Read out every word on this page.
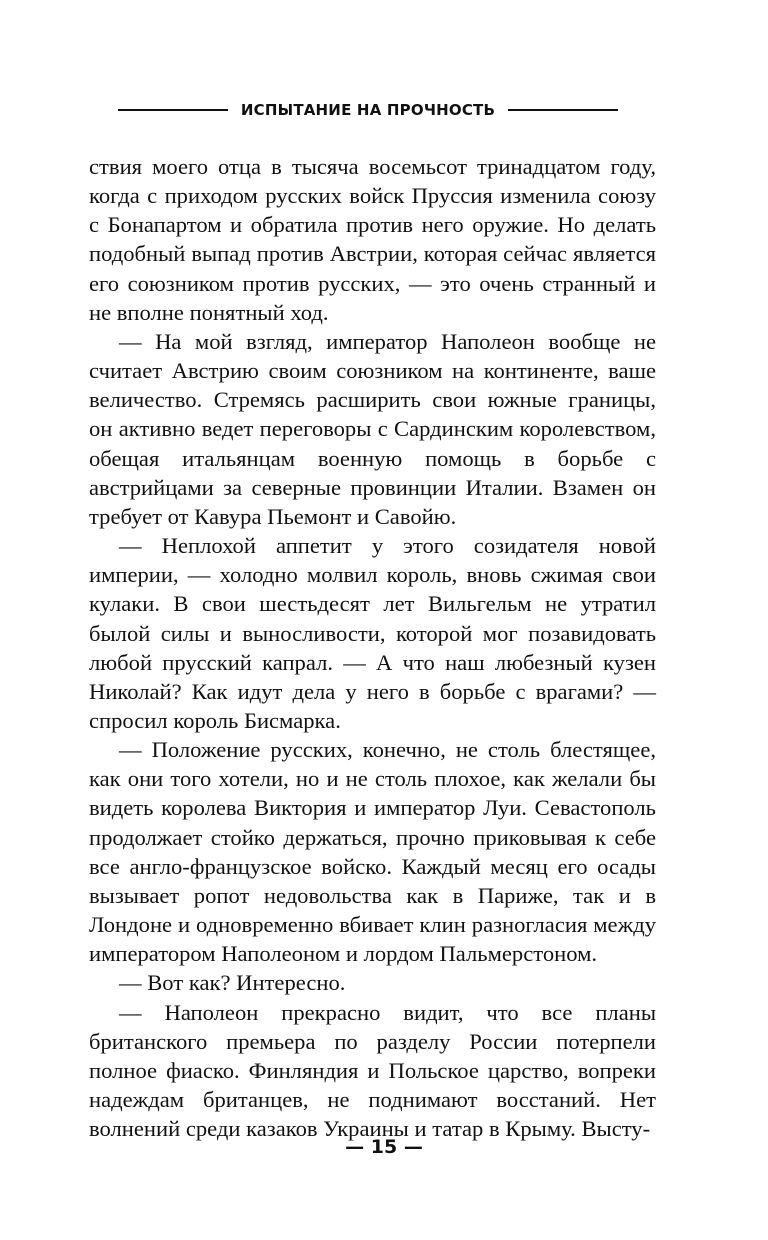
ИСПЫТАНИЕ НА ПРОЧНОСТЬ

ствия моего отца в тысяча восемьсот тринадцатом году, когда с приходом русских войск Пруссия изменила союзу с Бонапартом и обратила против него оружие. Но делать подобный выпад против Австрии, которая сейчас является его союзником против русских, — это очень странный и не вполне понятный ход.

— На мой взгляд, император Наполеон вообще не считает Австрию своим союзником на континенте, ваше величество. Стремясь расширить свои южные границы, он активно ведет переговоры с Сардинским королевством, обещая итальянцам военную помощь в борьбе с австрийцами за северные провинции Италии. Взамен он требует от Кавура Пьемонт и Савойю.

— Неплохой аппетит у этого созидателя новой империи, — холодно молвил король, вновь сжимая свои кулаки. В свои шестьдесят лет Вильгельм не утратил былой силы и выносливости, которой мог позавидовать любой прусский капрал. — А что наш любезный кузен Николай? Как идут дела у него в борьбе с врагами? — спросил король Бисмарка.

— Положение русских, конечно, не столь блестящее, как они того хотели, но и не столь плохое, как желали бы видеть королева Виктория и император Луи. Севастополь продолжает стойко держаться, прочно приковывая к себе все англо-французское войско. Каждый месяц его осады вызывает ропот недовольства как в Париже, так и в Лондоне и одновременно вбивает клин разногласия между императором Наполеоном и лордом Пальмерстоном.

— Вот как? Интересно.

— Наполеон прекрасно видит, что все планы британского премьера по разделу России потерпели полное фиаско. Финляндия и Польское царство, вопреки надеждам британцев, не поднимают восстаний. Нет волнений среди казаков Украины и татар в Крыму. Высту-

— 15 —
